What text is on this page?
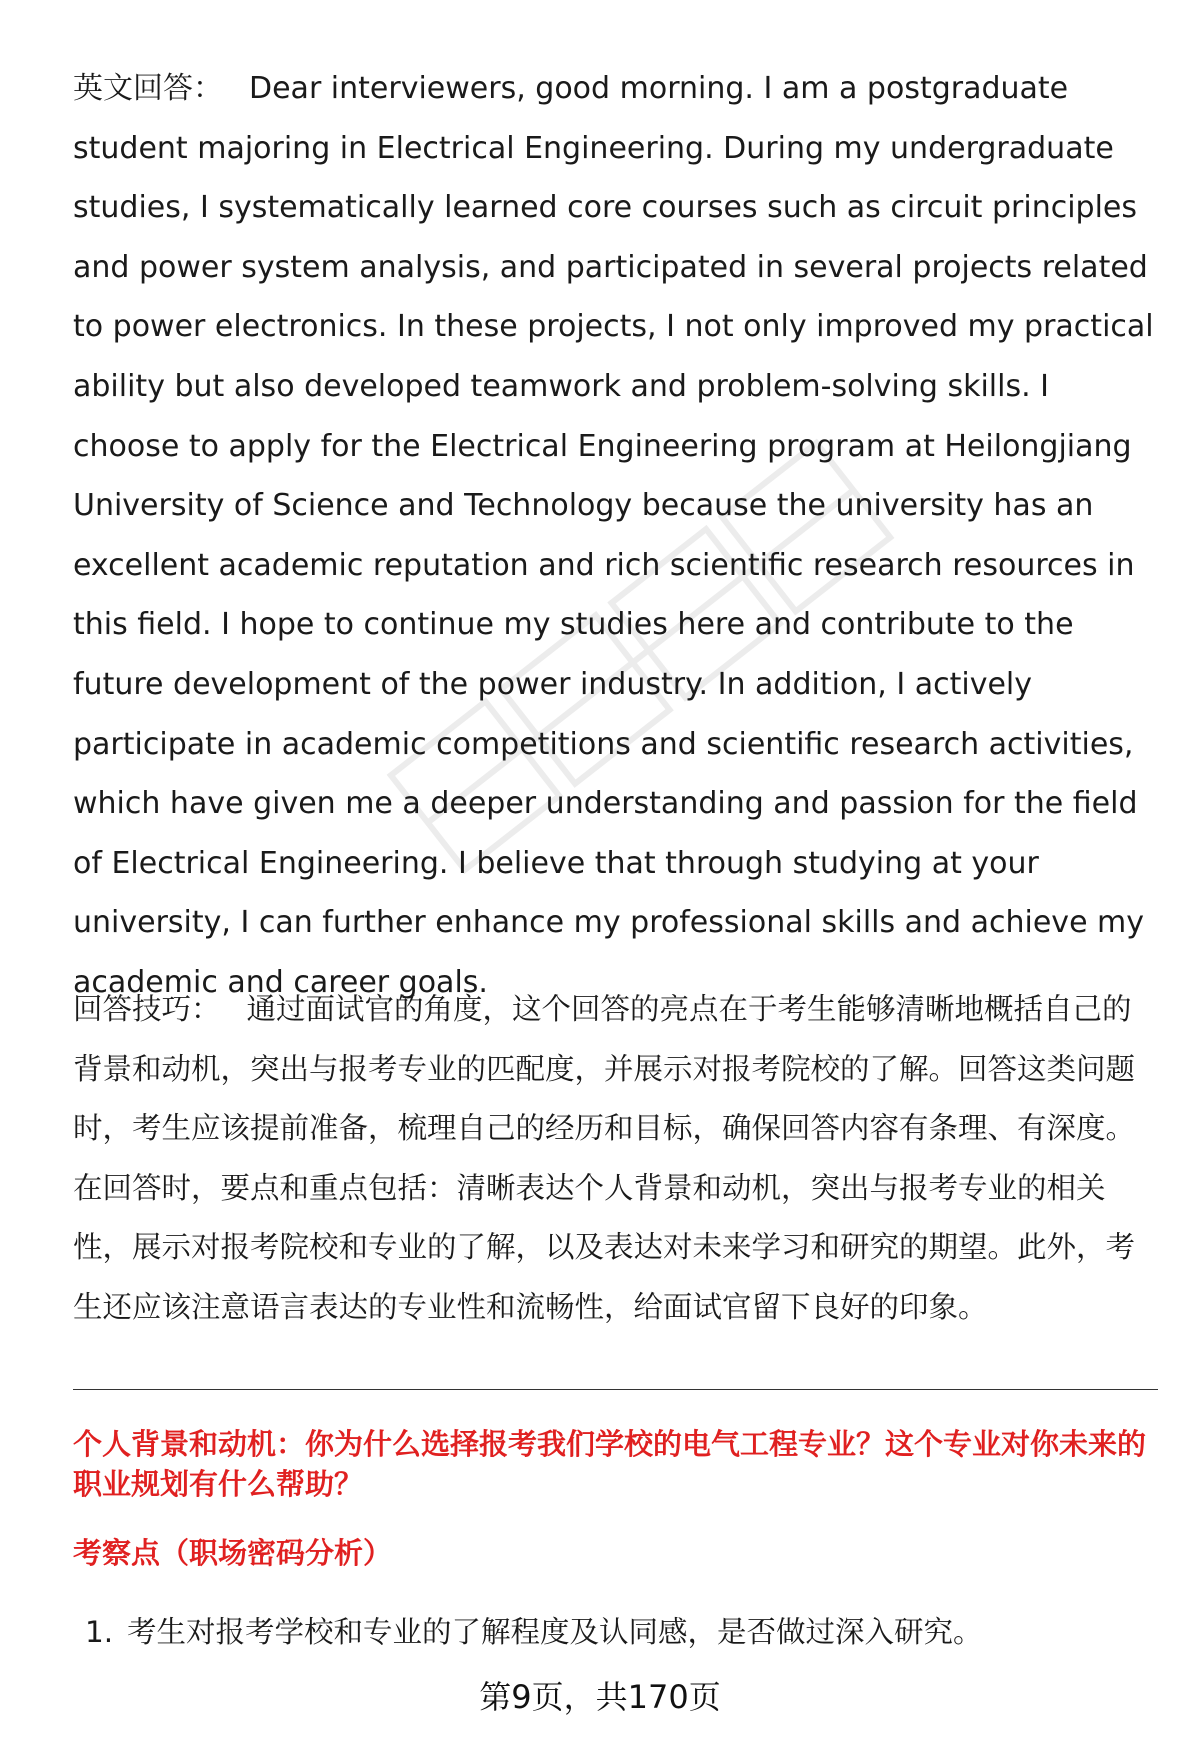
英文回答： Dear interviewers, good morning. I am a postgraduate student majoring in Electrical Engineering. During my undergraduate studies, I systematically learned core courses such as circuit principles and power system analysis, and participated in several projects related to power electronics. In these projects, I not only improved my practical ability but also developed teamwork and problem-solving skills. I choose to apply for the Electrical Engineering program at Heilongjiang University of Science and Technology because the university has an excellent academic reputation and rich scientific research resources in this field. I hope to continue my studies here and contribute to the future development of the power industry. In addition, I actively participate in academic competitions and scientific research activities, which have given me a deeper understanding and passion for the field of Electrical Engineering. I believe that through studying at your university, I can further enhance my professional skills and achieve my academic and career goals.

回答技巧： 通过面试官的角度，这个回答的亮点在于考生能够清晰地概括自己的背景和动机，突出与报考专业的匹配度，并展示对报考院校的了解。回答这类问题时，考生应该提前准备，梳理自己的经历和目标，确保回答内容有条理、有深度。在回答时，要点和重点包括：清晰表达个人背景和动机，突出与报考专业的相关性，展示对报考院校和专业的了解，以及表达对未来学习和研究的期望。此外，考生还应该注意语言表达的专业性和流畅性，给面试官留下良好的印象。

个人背景和动机：你为什么选择报考我们学校的电气工程专业？这个专业对你未来的职业规划有什么帮助？

考察点（职场密码分析）

1. 考生对报考学校和专业的了解程度及认同感，是否做过深入研究。
第9页，共170页
